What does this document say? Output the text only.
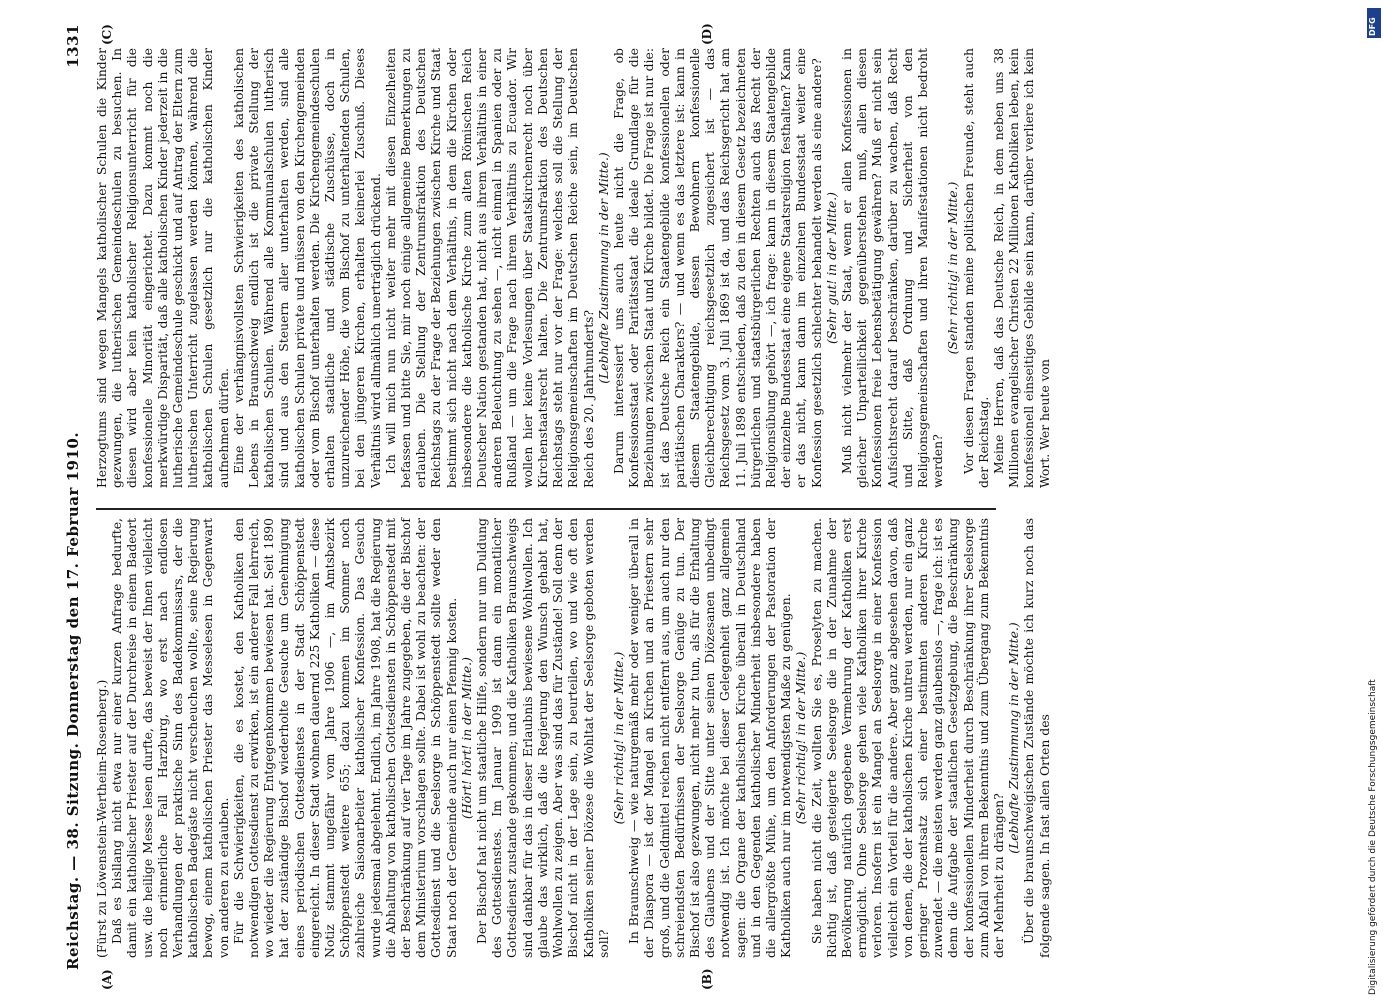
Reichstag. — 38. Sitzung. Donnerstag den 17. Februar 1910.
1331
(A)	(B)
(C)	(D)

(Fürst zu Löwenstein-Wertheim-Rosenberg.) Daß es bisllang nicht etwa nur einer kurzen Anfrage bedurfte, damit ein katholischer Priester auf der Durchreise in einem Badeort usw. die heilige Messe lesen durfte, das beweist der Ihnen vielleicht noch erinnerliche Fall Harzburg, wo erst nach endlosen Verhandlungen der praktische Sinn des Badekommissars, der die katholischen Badegäste nicht verscheuchen wollte, seine Regierung bewog, einem katholischen Priester das Messelesen in Gegenwart von anderen zu erlauben. Für die Schwierigkeiten, die es kostet, den Katholiken den notwendigen Gottesdienst zu erwirken, ist ein anderer Fall lehrreich, wo wieder die Regierung Entgegenkommen bewiesen hat. Seit 1890 hat der zuständige Bischof wiederholte Gesuche um Genehmigung eines periodischen Gottesdienstes in der Stadt Schöppenstedt eingereicht. In dieser Stadt wohnen dauernd 225 Katholiken — diese Notiz stammt ungefähr vom Jahre 1906 —, im Amtsbezirk Schöppenstedt weitere 655; dazu kommen im Sommer noch zahlreiche Saisonarbeiter katholischer Konfession. Das Gesuch wurde jedesmal abgelehnt. Endlich, im Jahre 1908, hat die Regierung die Abhaltung von katholischen Gottesdiensten in Schöppenstedt mit der Beschränkung auf vier Tage im Jahre zugegeben, die der Bischof dem Ministerium vorschlagen sollte. Dabei ist wohl zu beachten: der Gottesdienst und die Seelsorge in Schöppenstedt sollte weder den Staat noch der Gemeinde auch nur einen Pfennig kosten. (Hört! hört! in der Mitte.) Der Bischof hat nicht um staatliche Hilfe, sondern nur um Duldung des Gottesdienstes. Im Januar 1909 ist dann ein monatlicher Gottesdienst zustande gekommen; und die Katholiken Braunschweigs sind dankbar für das in dieser Erlaubnis bewiesene Wohlwollen. Ich glaube das wirklich, daß die Regierung den Wunsch gehabt hat, Wohlwollen zu zeigen. Aber was sind das für Zustände! Soll denn der Bischof nicht in der Lage sein, zu beurteilen, wo und wie oft den Katholiken seiner Diözese die Wohltat der Seelsorge geboten werden soll?

(Sehr richtig! in der Mitte.) In Braunschweig — wie naturgemäß mehr oder weniger überall in der Diaspora — ist der Mangel an Kirchen und an Priestern sehr groß, und die Geldmittel reichen nicht entfernt aus, um auch nur den schreiendsten Bedürfnissen der Seelsorge Genüge zu tun. Der Bischof ist also gezwungen, nicht mehr zu tun, als für die Erhaltung des Glaubens und der Sitte unter seinen Diözesanen unbedingt notwendig ist. Ich möchte bei dieser Gelegenheit ganz allgemein sagen: die Organe der katholischen Kirche überall in Deutschland und in den Gegenden katholischer Minderheit insbesondere haben die allergrößte Mühe, um den Anforderungen der Pastoration der Katholiken auch nur im notwendigsten Maße zu genügen. (Sehr richtig! in der Mitte.) Sie haben nicht die Zeit, wollten Sie es, Proselyten zu machen. Richtig ist, daß gesteigerte Seelsorge die in der Zunahme der Bevölkerung natürlich gegebene Vermehrung der Katholiken erst ermöglicht. Ohne Seelsorge gehen viele Katholiken ihrer Kirche verloren. Insofern ist ein Mangel an Seelsorge in einer Konfession vielleicht ein Vorteil für die andere. Aber ganz abgesehen davon, daß von denen, die der katholischen Kirche untreu werden, nur ein ganz geringer Prozentsatz sich einer bestimmten anderen Kirche zuwendet — die meisten werden ganz glaubenslos —, frage ich: ist es denn die Aufgabe der staatlichen Gesetzgebung, die Beschränkung der konfessionellen Minderheit durch Beschränkung ihrer Seelsorge zum Abfall von ihrem Bekenntnis und zum Übergang zum Bekenntnis der Mehrheit zu drängen?

(Lebhafte Zustimmung in der Mitte.) Über die braunschweigischen Zustände möchte ich kurz noch das folgende sagen. In fast allen Orten des

Herzogtums sind wegen Mangels katholischer Schulen die Kinder gezwungen, die lutherischen Gemeindeschulen zu besuchen. In diesen wird aber kein katholischer Religionsunterricht für die konfessionelle Minorität eingerichtet. Dazu kommt noch die merkwürdige Disparität, daß alle katholischen Kinder jederzeit in die lutherische Gemeindeschule geschickt und auf Antrag der Eltern zum lutherischen Unterricht zugelassen werden können, während die katholischen Schulen gesetzlich nur die katholischen Kinder aufnehmen dürfen. Eine der verhängnisvollsten Schwierigkeiten des katholischen Lebens in Braunschweig endlich ist die private Stellung der katholischen Schulen. Während alle Kommunalschulen lutherisch sind und aus den Steuern aller unterhalten werden, sind alle katholischen Schulen private und müssen von den Kirchengemeinden oder vom Bischof unterhalten werden. Die Kirchengemeindeschulen erhalten staatliche und städtische Zuschüsse, doch in unzureichender Höhe, die vom Bischof zu unterhaltenden Schulen, bei den jüngeren Kirchen, erhalten keinerlei Zuschuß. Dieses Verhältnis wird allmählich unerträglich drückend. Ich will mich nun nicht weiter mehr mit diesen Einzelheiten befassen und bitte Sie, mir noch einige allgemeine Bemerkungen zu erlauben. Die Stellung der Zentrumsfraktion des Deutschen Reichstags zu der Frage der Beziehungen zwischen Kirche und Staat bestimmt sich nicht nach dem Verhältnis, in dem die Kirchen oder insbesondere die katholische Kirche zum alten Römischen Reich Deutscher Nation gestanden hat, nicht aus ihrem Verhältnis in einer anderen Beleuchtung zu sehen —, nicht einmal in Spanien oder zu Rußland — um die Frage nach ihrem Verhältnis zu Ecuador. Wir wollen hier keine Vorlesungen über Staatskirchenrecht noch über Kirchenstaatsrecht halten. Die Zentrumsfraktion des Deutschen Reichstags steht nur vor der Frage: welches soll die Stellung der Religionsgemeinschaften im Deutschen Reiche sein, im Deutschen Reich des 20. Jahrhunderts?

(Lebhafte Zustimmung in der Mitte.) Darum interessiert uns auch heute nicht die Frage, ob Konfessionsstaat oder Paritätsstaat die ideale Grundlage für die Beziehungen zwischen Staat und Kirche bildet. Die Frage ist nur die: ist das Deutsche Reich ein Staatengebilde konfessionellen oder paritätischen Charakters? — und wenn es das letztere ist: kann in diesem Staatengebilde, dessen Bewohnern konfessionelle Gleichberechtigung reichsgesetzlich zugesichert ist — das Reichsgesetz vom 3. Juli 1869 ist da, und das Reichsgericht hat am 11. Juli 1898 entschieden, daß zu den in diesem Gesetz bezeichneten bürgerlichen und staatsbürgerlichen Rechten auch das Recht der Religionsübung gehört —, ich frage: kann in diesem Staatengebilde der einzelne Bundesstaat eine eigene Staatsreligion festhalten? Kann er das nicht, kann dann im einzelnen Bundesstaat weiter eine Konfession gesetzlich schlechter behandelt werden als eine andere? (Sehr gut! in der Mitte.) Muß nicht vielmehr der Staat, wenn er allen Konfessionen in gleicher Unparteilichkeit gegenüberstehen muß, allen diesen Konfessionen freie Lebensbetätigung gewähren? Muß er nicht sein Aufsichtsrecht darauf beschränken, darüber zu wachen, daß Recht und Sitte, daß Ordnung und Sicherheit von den Religionsgemeinschaften und ihren Manifestationen nicht bedroht werden?

(Sehr richtig! in der Mitte.) Vor diesen Fragen standen meine politischen Freunde, steht auch der Reichstag. Meine Herren, daß das Deutsche Reich, in dem neben uns 38 Millionen evangelischer Christen 22 Millionen Katholiken leben, kein konfessionell einseitiges Gebilde sein kann, darüber verliere ich kein Wort. Wer heute von

Digitalisierung gefördert durch die Deutsche Forschungsgemeinschaft
DFG
